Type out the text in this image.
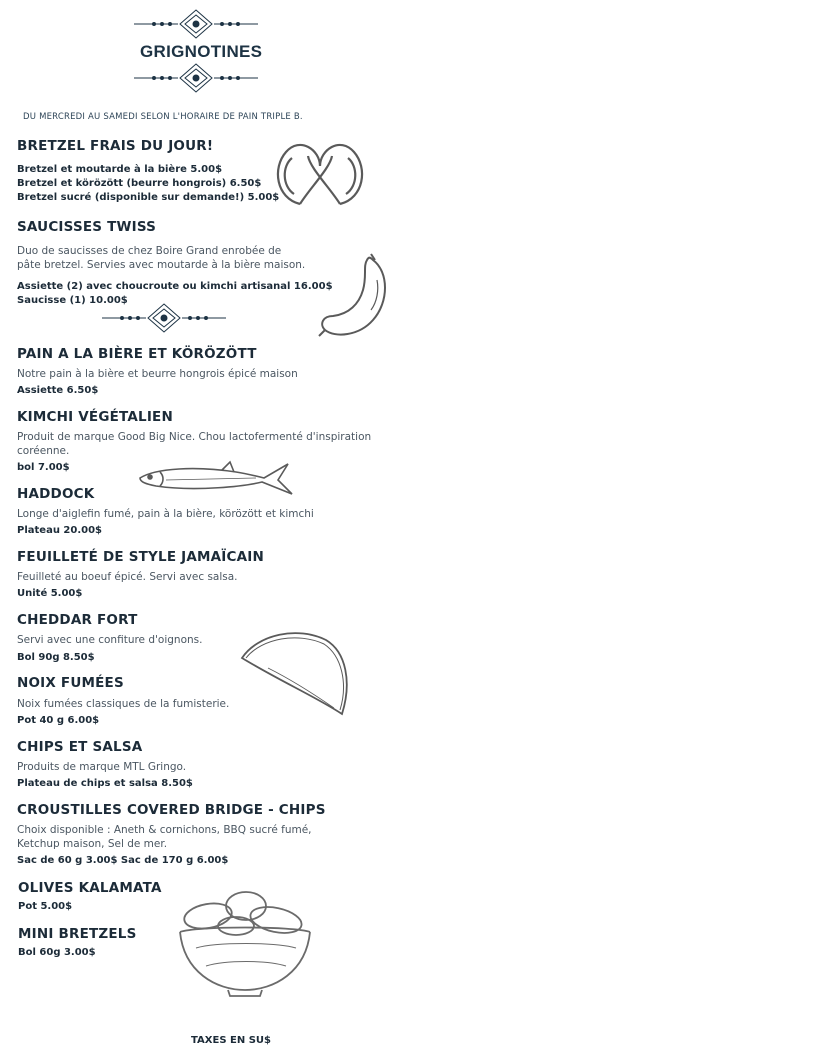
GRIGNOTINES
DU MERCREDI AU SAMEDI SELON L'HORAIRE DE PAIN TRIPLE B.
BRETZEL FRAIS DU JOUR!
Bretzel et moutarde à la bière 5.00$
Bretzel et körözött (beurre hongrois) 6.50$
Bretzel sucré (disponible sur demande!) 5.00$
SAUCISSES TWISS
Duo de saucisses de chez Boire Grand enrobée de
pâte bretzel. Servies avec moutarde à la bière maison.
Assiette (2) avec choucroute ou kimchi artisanal 16.00$
Saucisse (1) 10.00$
PAIN A LA BIÈRE ET KÖRÖZÖTT
Notre pain à la bière et beurre hongrois épicé maison
Assiette 6.50$
KIMCHI VÉGÉTALIEN
Produit de marque Good Big Nice. Chou lactofermenté d'inspiration
coréenne.
bol 7.00$
HADDOCK
Longe d'aiglefin fumé, pain à la bière, körözött et kimchi
Plateau 20.00$
FEUILLETÉ DE STYLE JAMAÏCAIN
Feuilleté au boeuf épicé. Servi avec salsa.
Unité 5.00$
CHEDDAR FORT
Servi avec une confiture d'oignons.
Bol 90g 8.50$
NOIX FUMÉES
Noix fumées classiques de la fumisterie.
Pot 40 g 6.00$
CHIPS ET SALSA
Produits de marque MTL Gringo.
Plateau de chips et salsa 8.50$
CROUSTILLES COVERED BRIDGE - CHIPS
Choix disponible : Aneth & cornichons, BBQ sucré fumé,
Ketchup maison, Sel de mer.
Sac de 60 g 3.00$ Sac de 170 g 6.00$
OLIVES KALAMATA
Pot 5.00$
MINI BRETZELS
Bol 60g 3.00$
TAXES EN SU$
